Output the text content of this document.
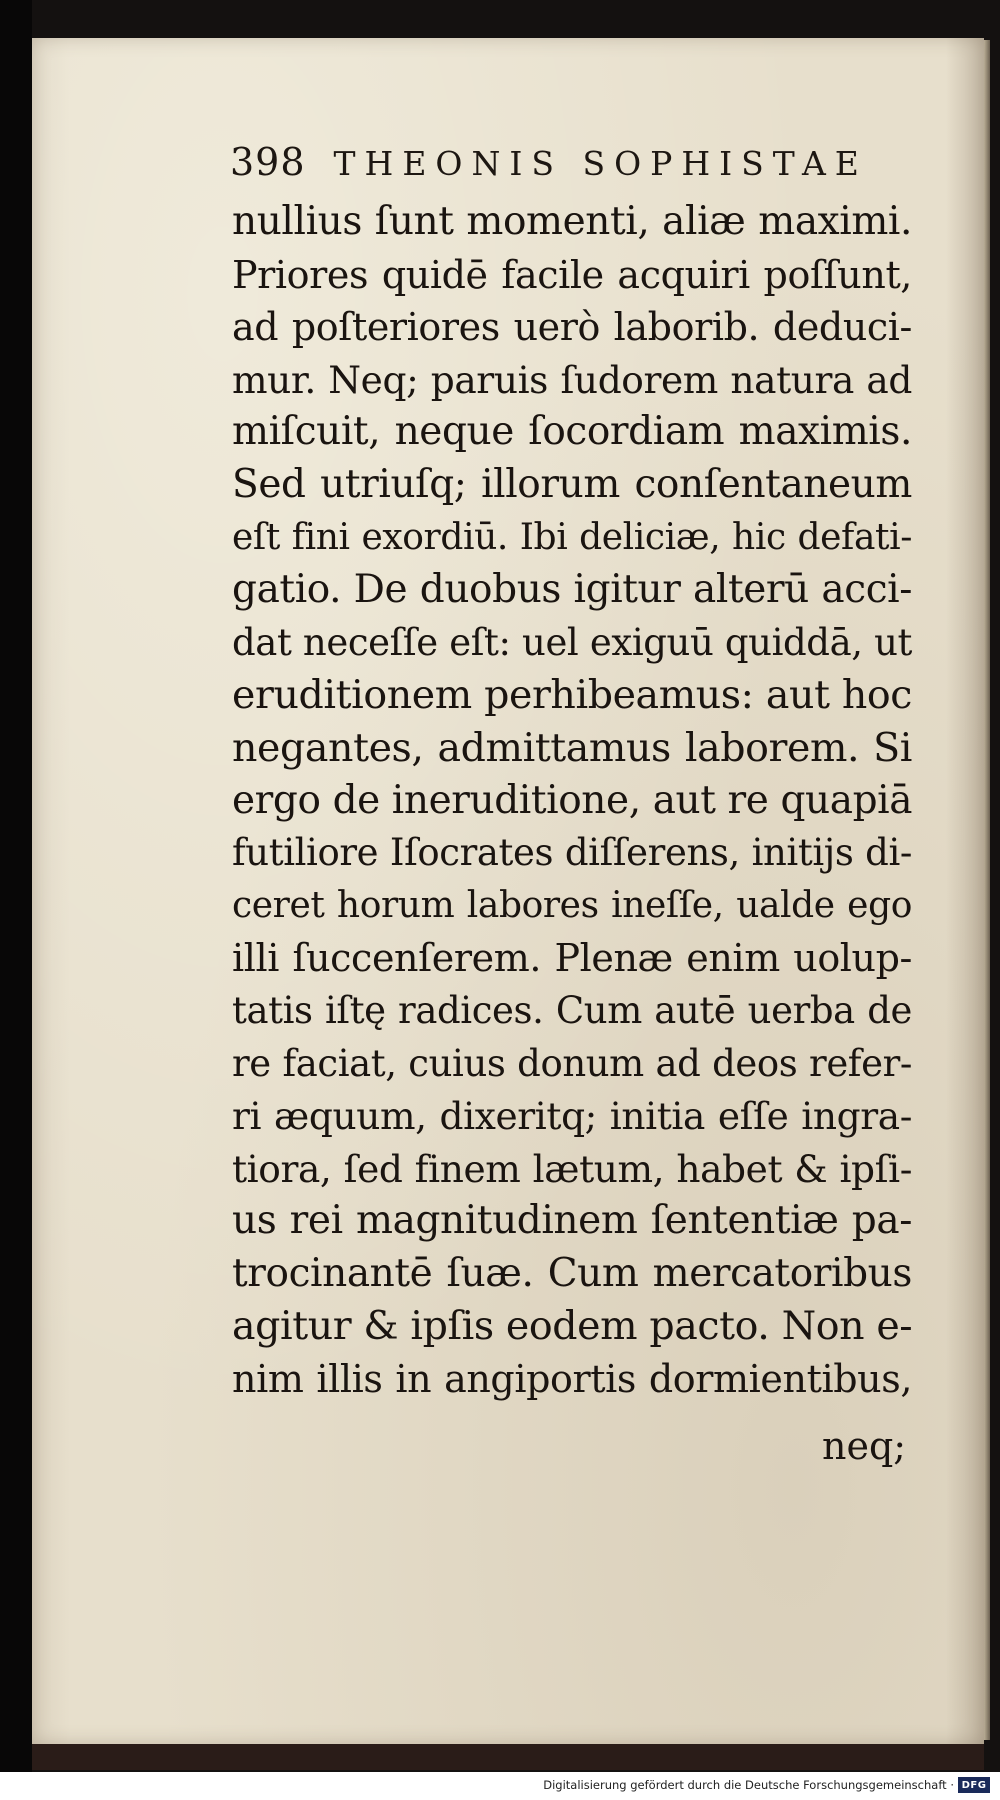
398 THEONIS SOPHISTAE
nullius ſunt momenti, aliæ maximi.
Priores quidē facile acquiri poſſunt,
ad poſteriores uerò laborib. deduci-
mur. Neq; paruis ſudorem natura ad
miſcuit, neque ſocordiam maximis.
Sed utriuſq; illorum conſentaneum
eſt fini exordiū. Ibi deliciæ, hic defati-
gatio. De duobus igitur alterū acci-
dat neceſſe eſt: uel exiguū quiddā, ut
eruditionem perhibeamus: aut hoc
negantes, admittamus laborem. Si
ergo de ineruditione, aut re quapiā
futiliore Iſocrates diſſerens, initijs di-
ceret horum labores ineſſe, ualde ego
illi ſuccenſerem. Plenæ enim uolup-
tatis iſtę radices. Cum autē uerba de
re faciat, cuius donum ad deos refer-
ri æquum, dixeritq; initia eſſe ingra-
tiora, ſed finem lætum, habet & ipſi-
us rei magnitudinem ſententiæ pa-
trocinantē ſuæ. Cum mercatoribus
agitur & ipſis eodem pacto. Non e-
nim illis in angiportis dormientibus,
neq;
Digitalisierung gefördert durch die Deutsche Forschungsgemeinschaft · DFG
